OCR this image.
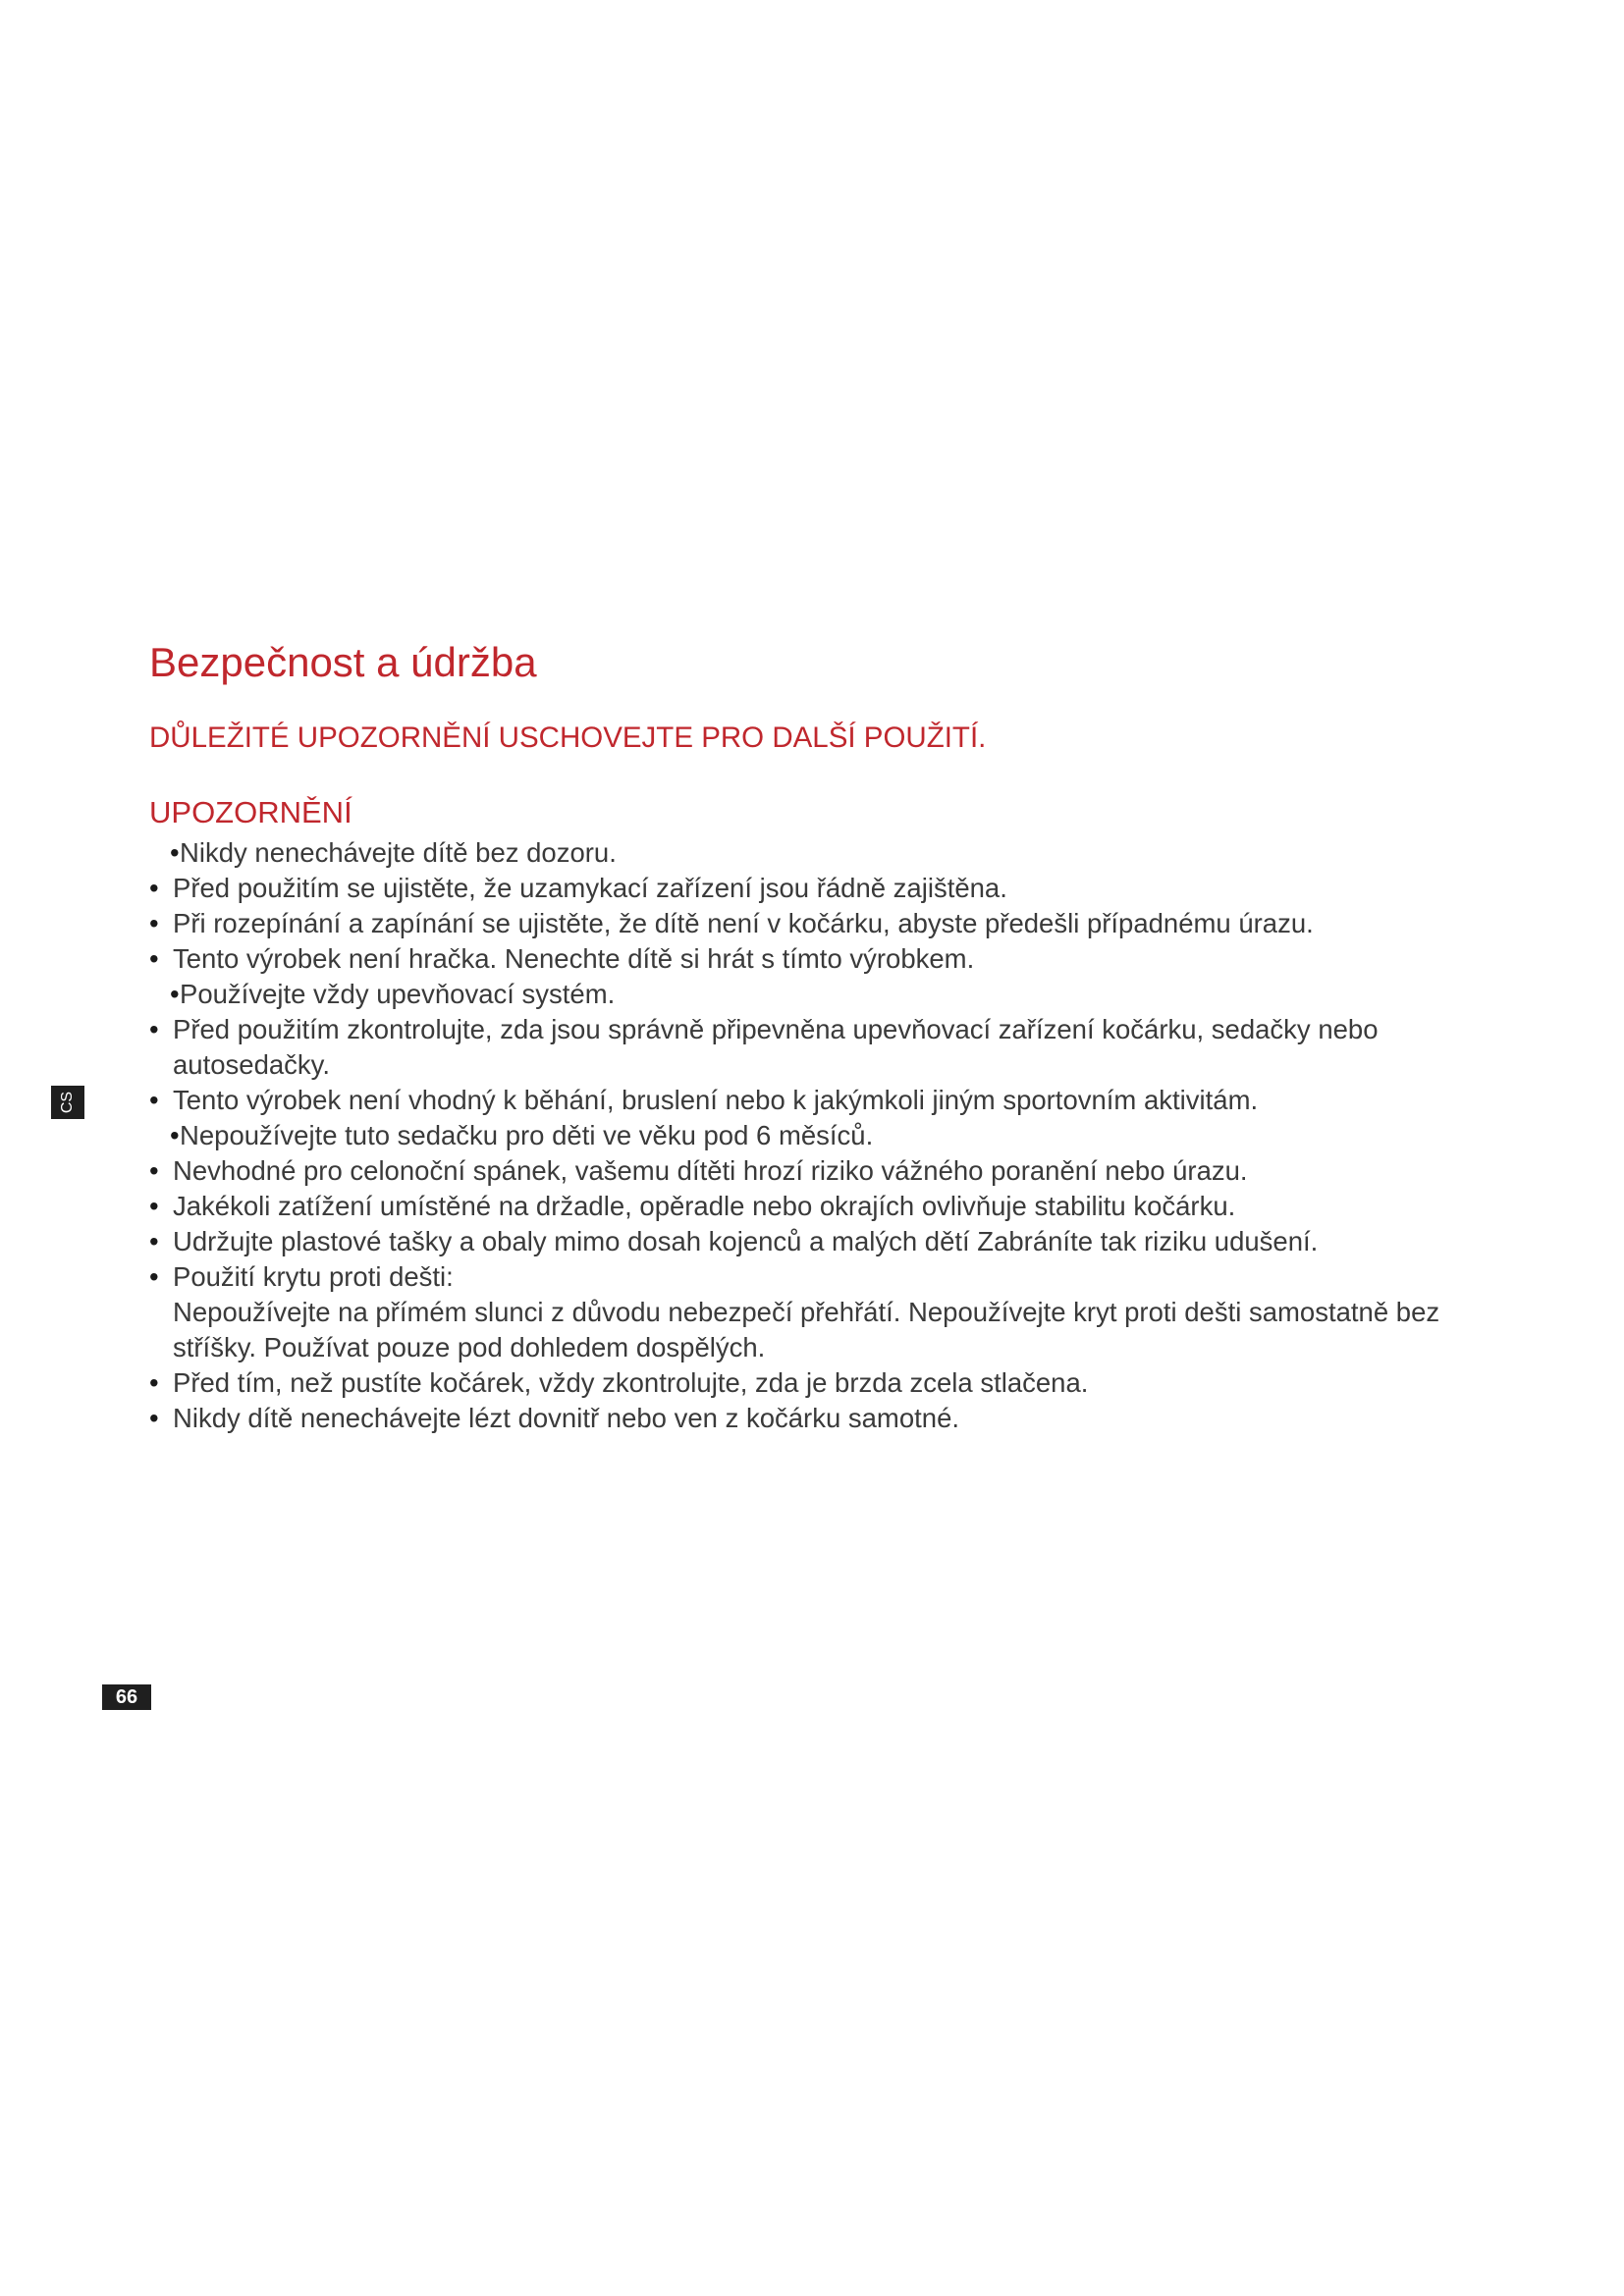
Bezpečnost a údržba
DŮLEŽITÉ UPOZORNĚNÍ USCHOVEJTE PRO DALŠÍ POUŽITÍ.
UPOZORNĚNÍ
• Nikdy nenechávejte dítě bez dozoru.
• Před použitím se ujistěte, že uzamykací zařízení jsou řádně zajištěna.
• Při rozepínání a zapínání se ujistěte, že dítě není v kočárku, abyste předešli případnému úrazu.
• Tento výrobek není hračka. Nenechte dítě si hrát s tímto výrobkem.
• Používejte vždy upevňovací systém.
• Před použitím zkontrolujte, zda jsou správně připevněna upevňovací zařízení kočárku, sedačky nebo autosedačky.
• Tento výrobek není vhodný k běhání, bruslení nebo k jakýmkoli jiným sportovním aktivitám.
• Nepoužívejte tuto sedačku pro děti ve věku pod 6 měsíců.
• Nevhodné pro celonoční spánek, vašemu dítěti hrozí riziko vážného poranění nebo úrazu.
• Jakékoli zatížení umístěné na držadle, opěradle nebo okrajích ovlivňuje stabilitu kočárku.
• Udržujte plastové tašky a obaly mimo dosah kojenců a malých dětí Zabráníte tak riziku udušení.
• Použití krytu proti dešti:
Nepoužívejte na přímém slunci z důvodu nebezpečí přehřátí. Nepoužívejte kryt proti dešti samostatně bez stříšky. Používat pouze pod dohledem dospělých.
• Před tím, než pustíte kočárek, vždy zkontrolujte, zda je brzda zcela stlačena.
• Nikdy dítě nenechávejte lézt dovnitř nebo ven z kočárku samotné.
CS
66
